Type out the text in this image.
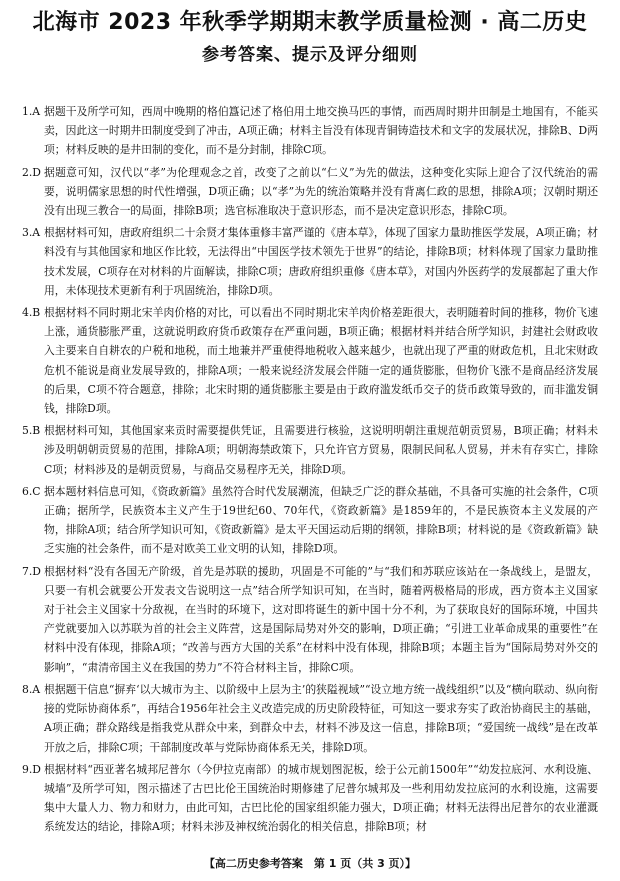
北海市 2023 年秋季学期期末教学质量检测 · 高二历史
参考答案、提示及评分细则
1.A 据题干及所学可知，西周中晚期的格伯簋记述了格伯用土地交换马匹的事情，而西周时期井田制是土地国有，不能买卖，因此这一时期井田制度受到了冲击，A项正确；材料主旨没有体现青铜铸造技术和文字的发展状况，排除B、D两项；材料反映的是井田制的变化，而不是分封制，排除C项。
2.D 据题意可知，汉代以“孝”为伦理观念之首，改变了之前以“仁义”为先的做法，这种变化实际上迎合了汉代统治的需要，说明儒家思想的时代性增强，D项正确；以“孝”为先的统治策略并没有背离仁政的思想，排除A项；汉朝时期还没有出现三教合一的局面，排除B项；选官标准取决于意识形态，而不是决定意识形态，排除C项。
3.A 根据材料可知，唐政府组织二十余贤才集体重修丰富严谨的《唐本草》，体现了国家力量助推医学发展，A项正确；材料没有与其他国家和地区作比较，无法得出“中国医学技术领先于世界”的结论，排除B项；材料体现了国家力量助推技术发展，C项存在对材料的片面解读，排除C项；唐政府组织重修《唐本草》，对国内外医药学的发展都起了重大作用，未体现技术更新有利于巩固统治，排除D项。
4.B 根据材料不同时期北宋羊肉价格的对比，可以看出不同时期北宋羊肉价格差距很大，表明随着时间的推移，物价飞速上涨，通货膨胀严重，这就说明政府货币政策存在严重问题，B项正确；根据材料并结合所学知识，封建社会财政收入主要来自自耕农的户税和地税，而土地兼并严重使得地税收入越来越少，也就出现了严重的财政危机，且北宋财政危机不能说是商业发展导致的，排除A项；一般来说经济发展会伴随一定的通货膨胀，但物价飞涨不是商品经济发展的后果，C项不符合题意，排除；北宋时期的通货膨胀主要是由于政府滥发纸币交子的货币政策导致的，而非滥发铜钱，排除D项。
5.B 根据材料可知，其他国家来贡时需要提供凭证，且需要进行核验，这说明明朝注重规范朝贡贸易，B项正确；材料未涉及明朝朝贡贸易的范围，排除A项；明朝海禁政策下，只允许官方贸易，限制民间私人贸易，并未有存实亡，排除C项；材料涉及的是朝贡贸易，与商品交易程序无关，排除D项。
6.C 据本题材料信息可知，《资政新篇》虽然符合时代发展潮流，但缺乏广泛的群众基础，不具备可实施的社会条件，C项正确；据所学，民族资本主义产生于19世纪60、70年代，《资政新篇》是1859年的，不是民族资本主义发展的产物，排除A项；结合所学知识可知，《资政新篇》是太平天国运动后期的纲领，排除B项；材料说的是《资政新篇》缺乏实施的社会条件，而不是对欧美工业文明的认知，排除D项。
7.D 根据材料“没有各国无产阶级，首先是苏联的援助，巩固是不可能的”与“我们和苏联应该站在一条战线上，是盟友，只要一有机会就要公开发表文告说明这一点”结合所学知识可知，在当时，随着两极格局的形成，西方资本主义国家对于社会主义国家十分敌视，在当时的环境下，这对即将诞生的新中国十分不利，为了获取良好的国际环境，中国共产党就要加入以苏联为首的社会主义阵营，这是国际局势对外交的影响，D项正确；“引进工业革命成果的重要性”在材料中没有体现，排除A项；“改善与西方大国的关系”在材料中没有体现，排除B项；本题主旨为“国际局势对外交的影响”，“肃清帝国主义在我国的势力”不符合材料主旨，排除C项。
8.A 根据题干信息“摒弃‘以大城市为主、以阶级中上层为主’的狭隘视域”“设立地方统一战线组织”以及“横向联动、纵向衔接的党际协商体系”，再结合1956年社会主义改造完成的历史阶段特征，可知这一要求夯实了政治协商民主的基础，A项正确；群众路线是指我党从群众中来，到群众中去，材料不涉及这一信息，排除B项；“爱国统一战线”是在改革开放之后，排除C项；干部制度改革与党际协商体系无关，排除D项。
9.D 根据材料“西亚著名城邦尼普尔（今伊拉克南部）的城市规划图泥板，绘于公元前1500年”“幼发拉底河、水利设施、城墙”及所学可知，图示描述了古巴比伦王国统治时期修建了尼普尔城邦及一些利用幼发拉底河的水利设施，这需要集中大量人力、物力和财力，由此可知，古巴比伦的国家组织能力强大，D项正确；材料无法得出尼普尔的农业灌溉系统发达的结论，排除A项；材料未涉及神权统治弱化的相关信息，排除B项；材
【高二历史参考答案　第 1 页（共 3 页）】
